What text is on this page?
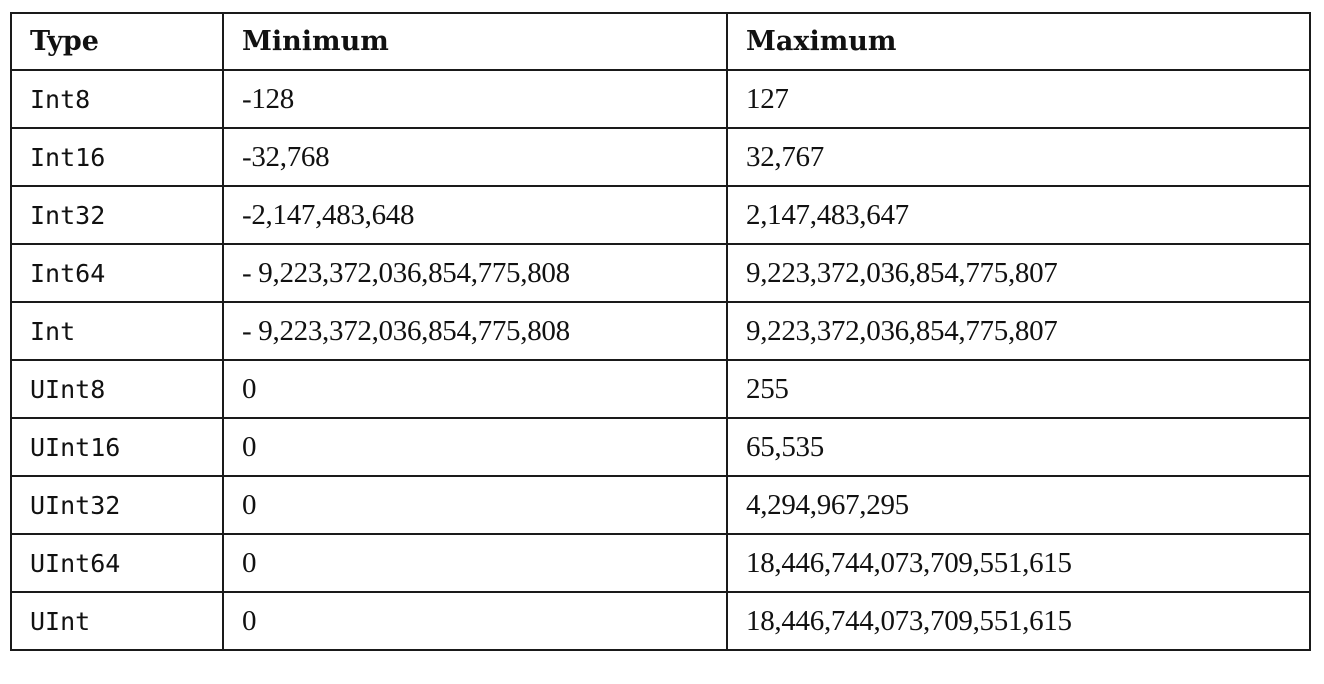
Type	Minimum	Maximum
Int8	-128	127
Int16	-32,768	32,767
Int32	-2,147,483,648	2,147,483,647
Int64	- 9,223,372,036,854,775,808	9,223,372,036,854,775,807
Int	- 9,223,372,036,854,775,808	9,223,372,036,854,775,807
UInt8	0	255
UInt16	0	65,535
UInt32	0	4,294,967,295
UInt64	0	18,446,744,073,709,551,615
UInt	0	18,446,744,073,709,551,615
